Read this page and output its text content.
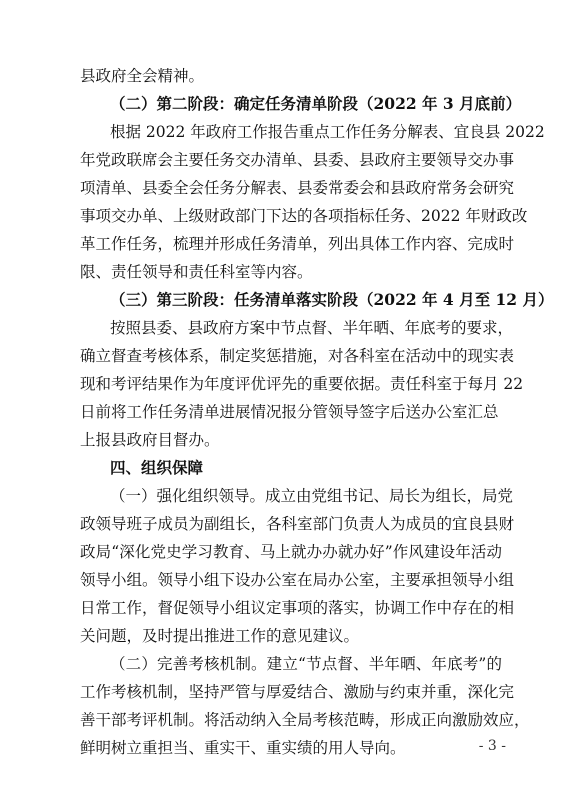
县政府全会精神。
（二）第二阶段：确定任务清单阶段（2022 年 3 月底前）
根据 2022 年政府工作报告重点工作任务分解表、宜良县 2022
年党政联席会主要任务交办清单、县委、县政府主要领导交办事
项清单、县委全会任务分解表、县委常委会和县政府常务会研究
事项交办单、上级财政部门下达的各项指标任务、2022 年财政改
革工作任务，梳理并形成任务清单，列出具体工作内容、完成时
限、责任领导和责任科室等内容。
（三）第三阶段：任务清单落实阶段（2022 年 4 月至 12 月）
按照县委、县政府方案中节点督、半年晒、年底考的要求，
确立督查考核体系，制定奖惩措施，对各科室在活动中的现实表
现和考评结果作为年度评优评先的重要依据。责任科室于每月 22
日前将工作任务清单进展情况报分管领导签字后送办公室汇总
上报县政府目督办。
四、组织保障
（一）强化组织领导。成立由党组书记、局长为组长，局党
政领导班子成员为副组长，各科室部门负责人为成员的宜良县财
政局“深化党史学习教育、马上就办办就办好”作风建设年活动
领导小组。领导小组下设办公室在局办公室，主要承担领导小组
日常工作，督促领导小组议定事项的落实，协调工作中存在的相
关问题，及时提出推进工作的意见建议。
（二）完善考核机制。建立“节点督、半年晒、年底考”的
工作考核机制，坚持严管与厚爱结合、激励与约束并重，深化完
善干部考评机制。将活动纳入全局考核范畴，形成正向激励效应，
鲜明树立重担当、重实干、重实绩的用人导向。	- 3 -
